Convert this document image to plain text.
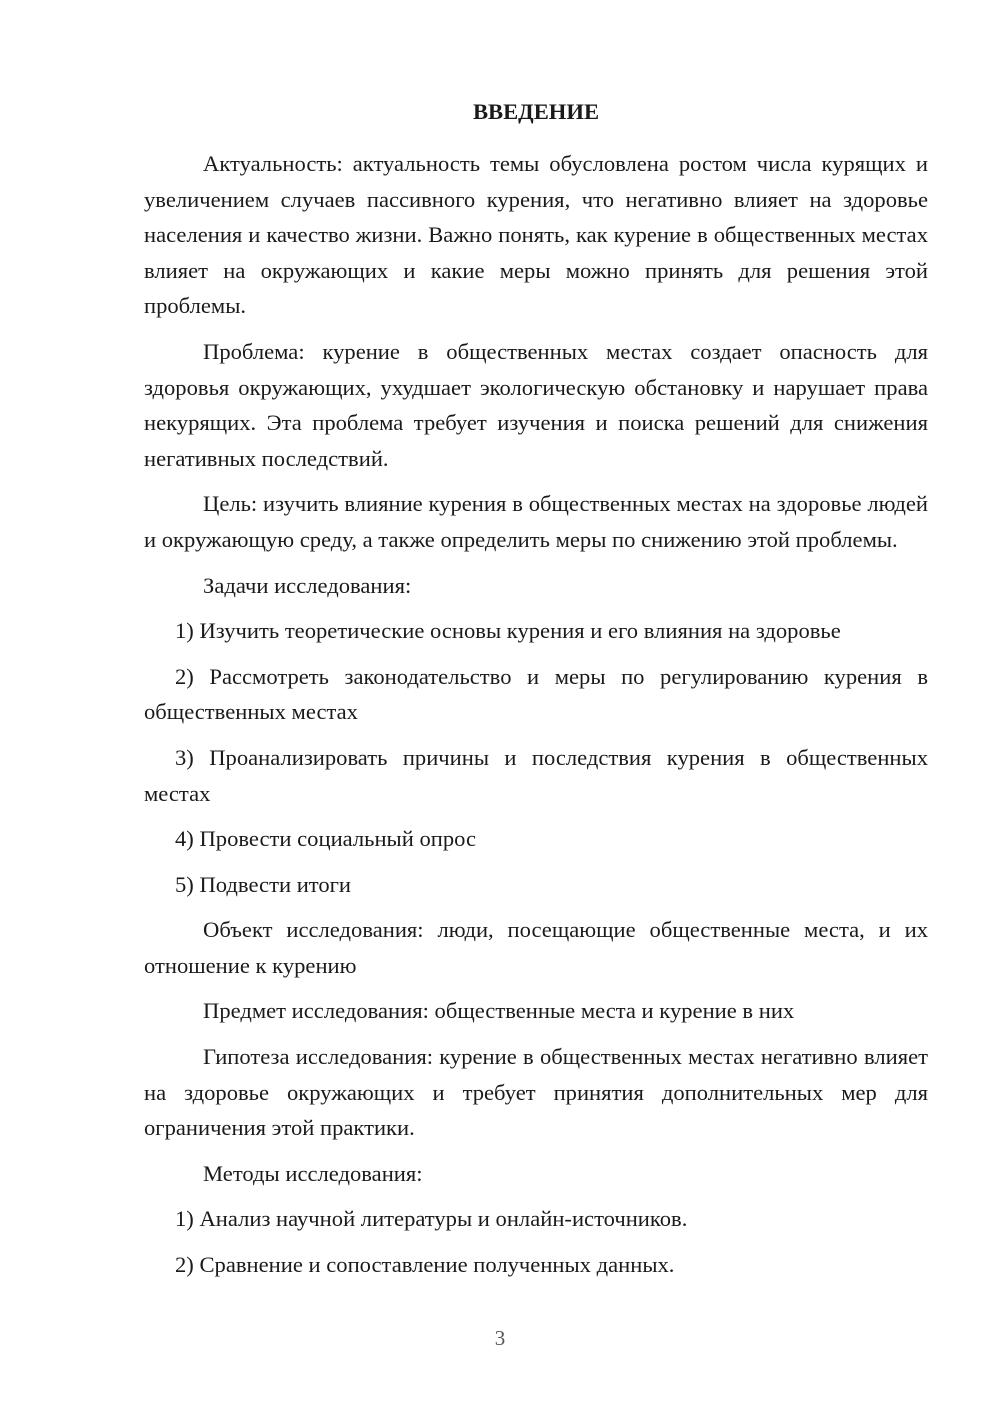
ВВЕДЕНИЕ

Актуальность: актуальность темы обусловлена ростом числа курящих и увеличением случаев пассивного курения, что негативно влияет на здоровье населения и качество жизни. Важно понять, как курение в общественных местах влияет на окружающих и какие меры можно принять для решения этой проблемы.

Проблема: курение в общественных местах создает опасность для здоровья окружающих, ухудшает экологическую обстановку и нарушает права некурящих. Эта проблема требует изучения и поиска решений для снижения негативных последствий.

Цель: изучить влияние курения в общественных местах на здоровье людей и окружающую среду, а также определить меры по снижению этой проблемы.

Задачи исследования:

1) Изучить теоретические основы курения и его влияния на здоровье

2) Рассмотреть законодательство и меры по регулированию курения в общественных местах

3) Проанализировать причины и последствия курения в общественных местах

4) Провести социальный опрос

5) Подвести итоги

Объект исследования: люди, посещающие общественные места, и их отношение к курению

Предмет исследования: общественные места и курение в них

Гипотеза исследования: курение в общественных местах негативно влияет на здоровье окружающих и требует принятия дополнительных мер для ограничения этой практики.

Методы исследования:

1) Анализ научной литературы и онлайн-источников.

2) Сравнение и сопоставление полученных данных.

3
